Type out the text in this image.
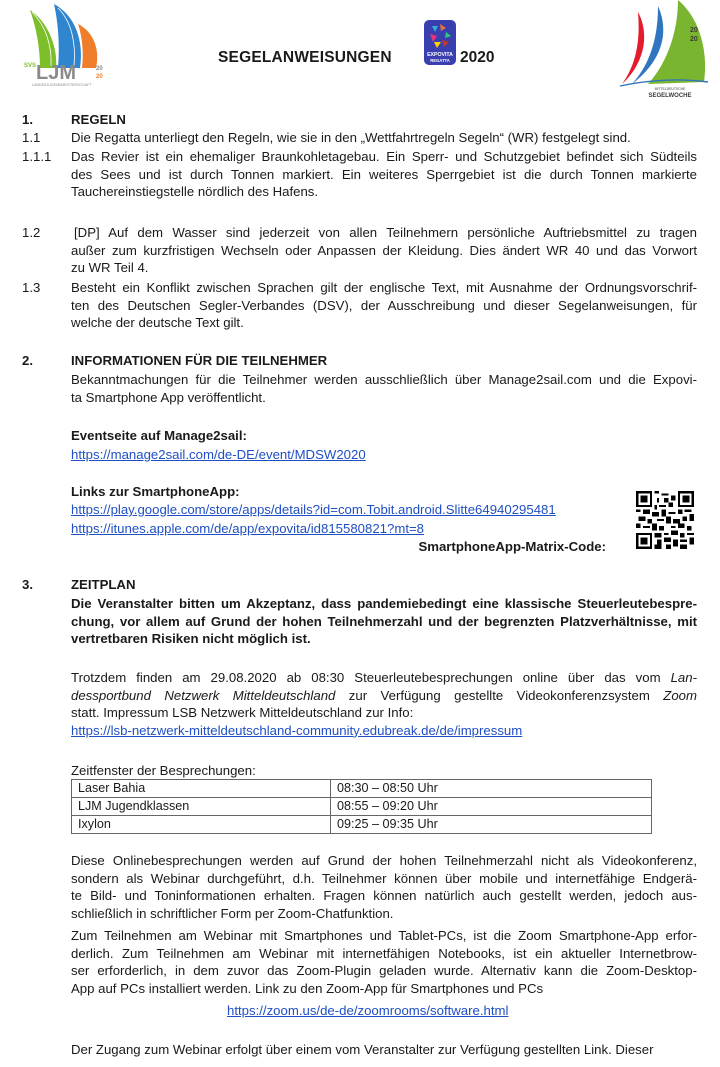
SVS LJM	20
20
LANDESJUGENDMEISTERSCHAFT
SEGELANWEISUNGEN	EXPOVITA
REGATTA 2020
20
20
MITTELDEUTSCHE
SEGELWOCHE
1.	REGELN
1.1 Die Regatta unterliegt den Regeln, wie sie in den „Wettfahrtregeln Segeln“ (WR) festgelegt sind.
1.1.1 Das Revier ist ein ehemaliger Braunkohletagebau. Ein Sperr- und Schutzgebiet befindet sich Südteils
des Sees und ist durch Tonnen markiert. Ein weiteres Sperrgebiet ist die durch Tonnen markierte
Tauchereinstiegstelle nördlich des Hafens.
1.2	[DP] Auf dem Wasser sind jederzeit von allen Teilnehmern persönliche Auftriebsmittel zu tragen
außer zum kurzfristigen Wechseln oder Anpassen der Kleidung. Dies ändert WR 40 und das Vorwort
zu WR Teil 4.
1.3 Besteht ein Konflikt zwischen Sprachen gilt der englische Text, mit Ausnahme der Ordnungsvorschrif-
ten des Deutschen Segler-Verbandes (DSV), der Ausschreibung und dieser Segelanweisungen, für
welche der deutsche Text gilt.
2.	INFORMATIONEN FÜR DIE TEILNEHMER
Bekanntmachungen für die Teilnehmer werden ausschließlich über Manage2sail.com und die Expovi-
ta Smartphone App veröffentlicht.
Eventseite auf Manage2sail:
https://manage2sail.com/de-DE/event/MDSW2020
Links zur SmartphoneApp:
https://play.google.com/store/apps/details?id=com.Tobit.android.Slitte64940295481
https://itunes.apple.com/de/app/expovita/id815580821?mt=8
SmartphoneApp-Matrix-Code:
3.	ZEITPLAN
Die Veranstalter bitten um Akzeptanz, dass pandemiebedingt eine klassische Steuerleutebespre-
chung, vor allem auf Grund der hohen Teilnehmerzahl und der begrenzten Platzverhältnisse, mit
vertretbaren Risiken nicht möglich ist.
Trotzdem finden am 29.08.2020 ab 08:30 Steuerleutebesprechungen online über das vom Lan-
dessportbund Netzwerk Mitteldeutschland zur Verfügung gestellte Videokonferenzsystem Zoom
statt. Impressum LSB Netzwerk Mitteldeutschland zur Info:
https://lsb-netzwerk-mitteldeutschland-community.edubreak.de/de/impressum
Zeitfenster der Besprechungen:
Laser Bahia	08:30 – 08:50 Uhr
LJM Jugendklassen	08:55 – 09:20 Uhr
Ixylon	09:25 – 09:35 Uhr
Diese Onlinebesprechungen werden auf Grund der hohen Teilnehmerzahl nicht als Videokonferenz,
sondern als Webinar durchgeführt, d.h. Teilnehmer können über mobile und internetfähige Endgerä-
te Bild- und Toninformationen erhalten. Fragen können natürlich auch gestellt werden, jedoch aus-
schließlich in schriftlicher Form per Zoom-Chatfunktion.
Zum Teilnehmen am Webinar mit Smartphones und Tablet-PCs, ist die Zoom Smartphone-App erfor-
derlich. Zum Teilnehmen am Webinar mit internetfähigen Notebooks, ist ein aktueller Internetbrow-
ser erforderlich, in dem zuvor das Zoom-Plugin geladen wurde. Alternativ kann die Zoom-Desktop-
App auf PCs installiert werden. Link zu den Zoom-App für Smartphones und PCs
https://zoom.us/de-de/zoomrooms/software.html
Der Zugang zum Webinar erfolgt über einem vom Veranstalter zur Verfügung gestellten Link. Dieser
